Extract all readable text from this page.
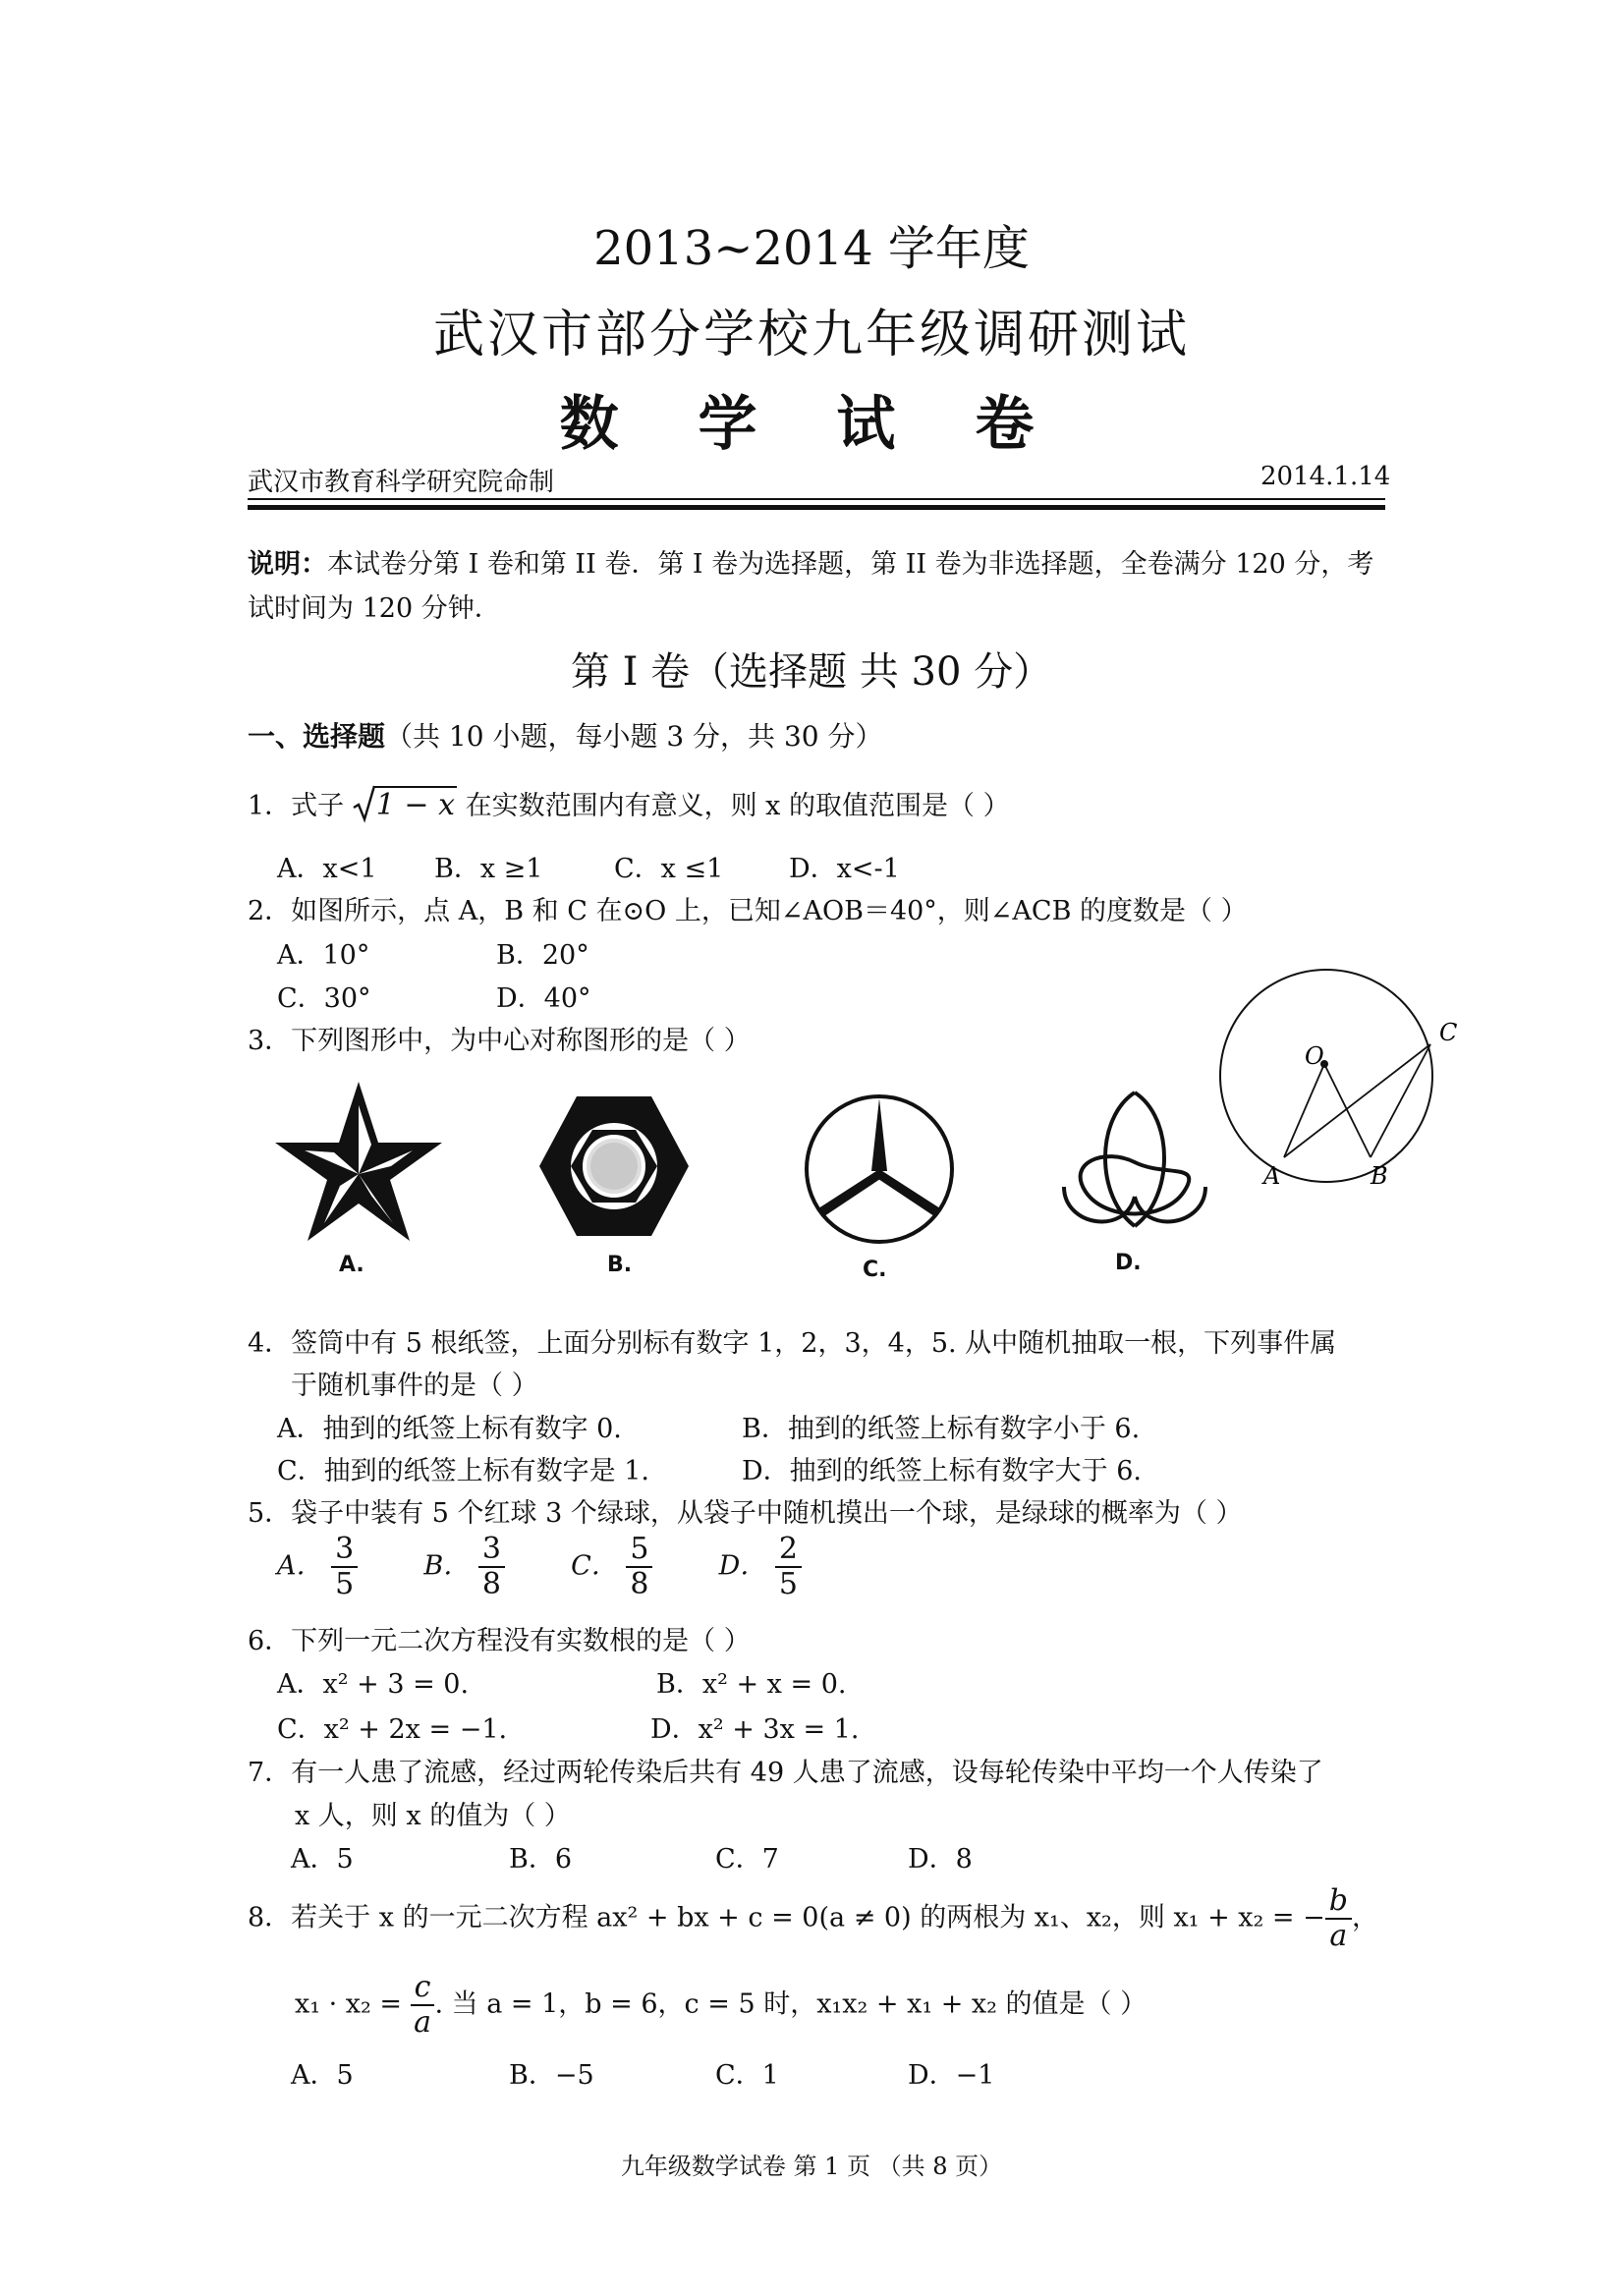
2013~2014 学年度
武汉市部分学校九年级调研测试
数 学 试 卷
武汉市教育科学研究院命制	2014.1.14
说明：本试卷分第 I 卷和第 II 卷．第 I 卷为选择题，第 II 卷为非选择题，全卷满分 120 分，考试时间为 120 分钟．
第 I 卷（选择题 共 30 分）
一、选择题（共 10 小题，每小题 3 分，共 30 分）
1．式子 1 − x 在实数范围内有意义，则 x 的取值范围是（ ）
A．x<1 B．x ≥1	C．x ≤1 D．x<-1
2．如图所示，点 A，B 和 C 在⊙O 上，已知∠AOB＝40°，则∠ACB 的度数是（ ）
A．10°	B．20°
C．30°	D．40°
O
A	B
C
3．下列图形中，为中心对称图形的是（ ）
A.	B.	C.	D.
4．签筒中有 5 根纸签，上面分别标有数字 1，2，3，4，5. 从中随机抽取一根，下列事件属
于随机事件的是（ ）
A．抽到的纸签上标有数字 0.	B．抽到的纸签上标有数字小于 6.
C．抽到的纸签上标有数字是 1.	D．抽到的纸签上标有数字大于 6.
5．袋子中装有 5 个红球 3 个绿球，从袋子中随机摸出一个球，是绿球的概率为（ ）
A． $\frac{3}{5}$ B． $\frac{3}{8}$ C． $\frac{5}{8}$ D． $\frac{2}{5}$
6．下列一元二次方程没有实数根的是（ ）
A．x² + 3 = 0.	B．x² + x = 0.
C．x² + 2x = −1.	D．x² + 3x = 1.
7．有一人患了流感，经过两轮传染后共有 49 人患了流感，设每轮传染中平均一个人传染了
x 人，则 x 的值为（ ）
A．5	B．6	C．7	D．8
8．若关于 x 的一元二次方程 ax² + bx + c = 0(a ≠ 0) 的两根为 x₁、x₂，则 x₁ + x₂ = − $\frac{b}{a}$ ，
$x_1 \cdot x_2 = \frac{c}{a}$ . 当 a = 1，b = 6，c = 5 时，x₁x₂ + x₁ + x₂ 的值是（ ）
A．5	B．−5	C．1	D．−1
九年级数学试卷 第 1 页 （共 8 页）
